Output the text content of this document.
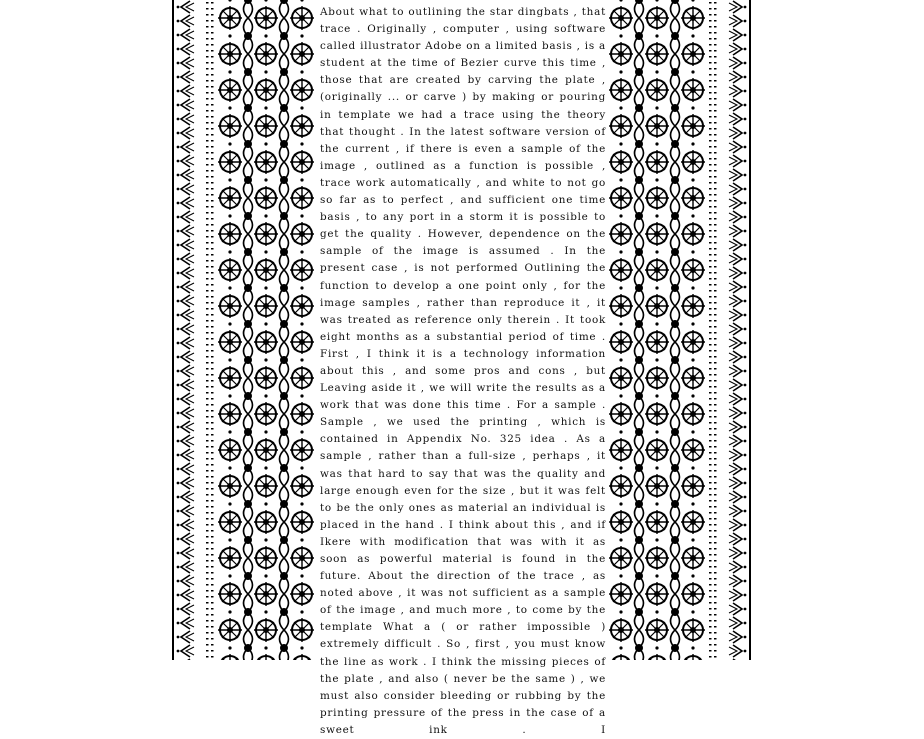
About what to outlining the star dingbats , that trace . Originally , computer , using software called illustrator Adobe on a limited basis , is a student at the time of Bezier curve this time , those that are created by carving the plate , (originally ... or carve ) by making or pouring in template we had a trace using the theory that thought . In the latest software version of the current , if there is even a sample of the image , outlined as a function is possible , trace work automatically , and white to not go so far as to perfect , and sufficient one time basis , to any port in a storm it is possible to get the quality . However, dependence on the sample of the image is assumed . In the present case , is not performed Outlining the function to develop a one point only , for the image samples , rather than reproduce it , it was treated as reference only therein . It took eight months as a substantial period of time . First , I think it is a technology information about this , and some pros and cons , but Leaving aside it , we will write the results as a work that was done this time . For a sample . Sample , we used the printing , which is contained in Appendix No. 325 idea . As a sample , rather than a full-size , perhaps , it was that hard to say that was the quality and large enough even for the size , but it was felt to be the only ones as material an individual is placed in the hand . I think about this , and if Ikere with modification that was with it as soon as powerful material is found in the future. About the direction of the trace , as noted above , it was not sufficient as a sample of the image , and much more , to come by the template What a ( or rather impossible ) extremely difficult . So , first , you must know the line as work . I think the missing pieces of the plate , and also ( never be the same ) , we must also consider bleeding or rubbing by the printing pressure of the press in the case of a sweet ink . I
